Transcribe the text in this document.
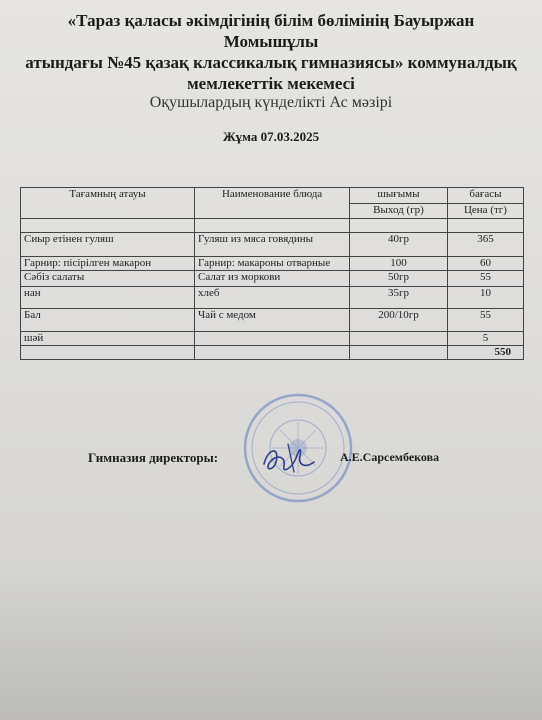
«Тараз қаласы әкімдігінің білім бөлімінің Бауыржан Момышұлы
атындағы №45 қазақ классикалық гимназиясы» коммуналдық
мемлекеттік мекемесі
Оқушылардың күнделікті Ас мәзірі
Жұма 07.03.2025
Тағамның атауы	Наименование блюда	шығымы	бағасы
		Выход (гр)	Цена (тг)

Сиыр етінен гуляш	Гуляш из мяса говядины	40гр	365
Гарнир: пісірілген макарон	Гарнир: макароны отварные	100	60
Сәбіз салаты	Салат из моркови	50гр	55
нан	хлеб	35гр	10
Бал	Чай с медом	200/10гр	55
шәй			5
			550
Гимназия директоры:	А.Е.Сарсембекова
